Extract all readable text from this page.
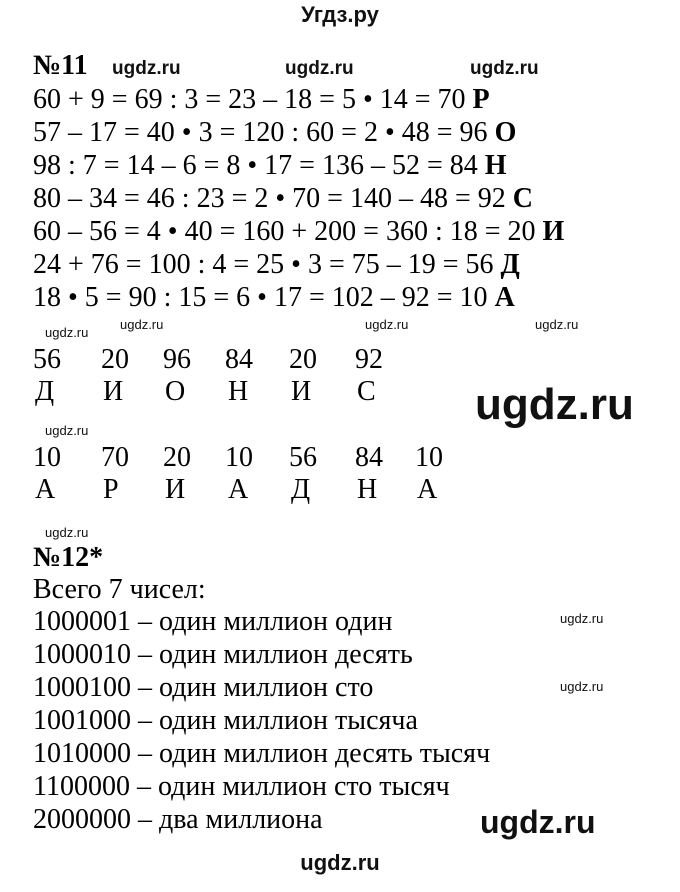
Угдз.ру
№11
60 + 9 = 69 : 3 = 23 – 18 = 5 • 14 = 70 Р
57 – 17 = 40 • 3 = 120 : 60 = 2 • 48 = 96 О
98 : 7 = 14 – 6 = 8 • 17 = 136 – 52 = 84 Н
80 – 34 = 46 : 23 = 2 • 70 = 140 – 48 = 92 С
60 – 56 = 4 • 40 = 160 + 200 = 360 : 18 = 20 И
24 + 76 = 100 : 4 = 25 • 3 = 75 – 19 = 56 Д
18 • 5 = 90 : 15 = 6 • 17 = 102 – 92 = 10 А
56 20 96 84 20 92
Д И О Н И С
10 70 20 10 56 84 10
А Р И А Д Н А
№12*
Всего 7 чисел:
1000001 – один миллион один
1000010 – один миллион десять
1000100 – один миллион сто
1001000 – один миллион тысяча
1010000 – один миллион десять тысяч
1100000 – один миллион сто тысяч
2000000 – два миллиона
ugdz.ru	ugdz.ru	ugdz.ru
ugdz.ru	ugdz.ru	ugdz.ru
ugdz.ru
ugdz.ru
ugdz.ru
ugdz.ru
ugdz.ru
ugdz.ru
ugdz.ru
ugdz.ru
